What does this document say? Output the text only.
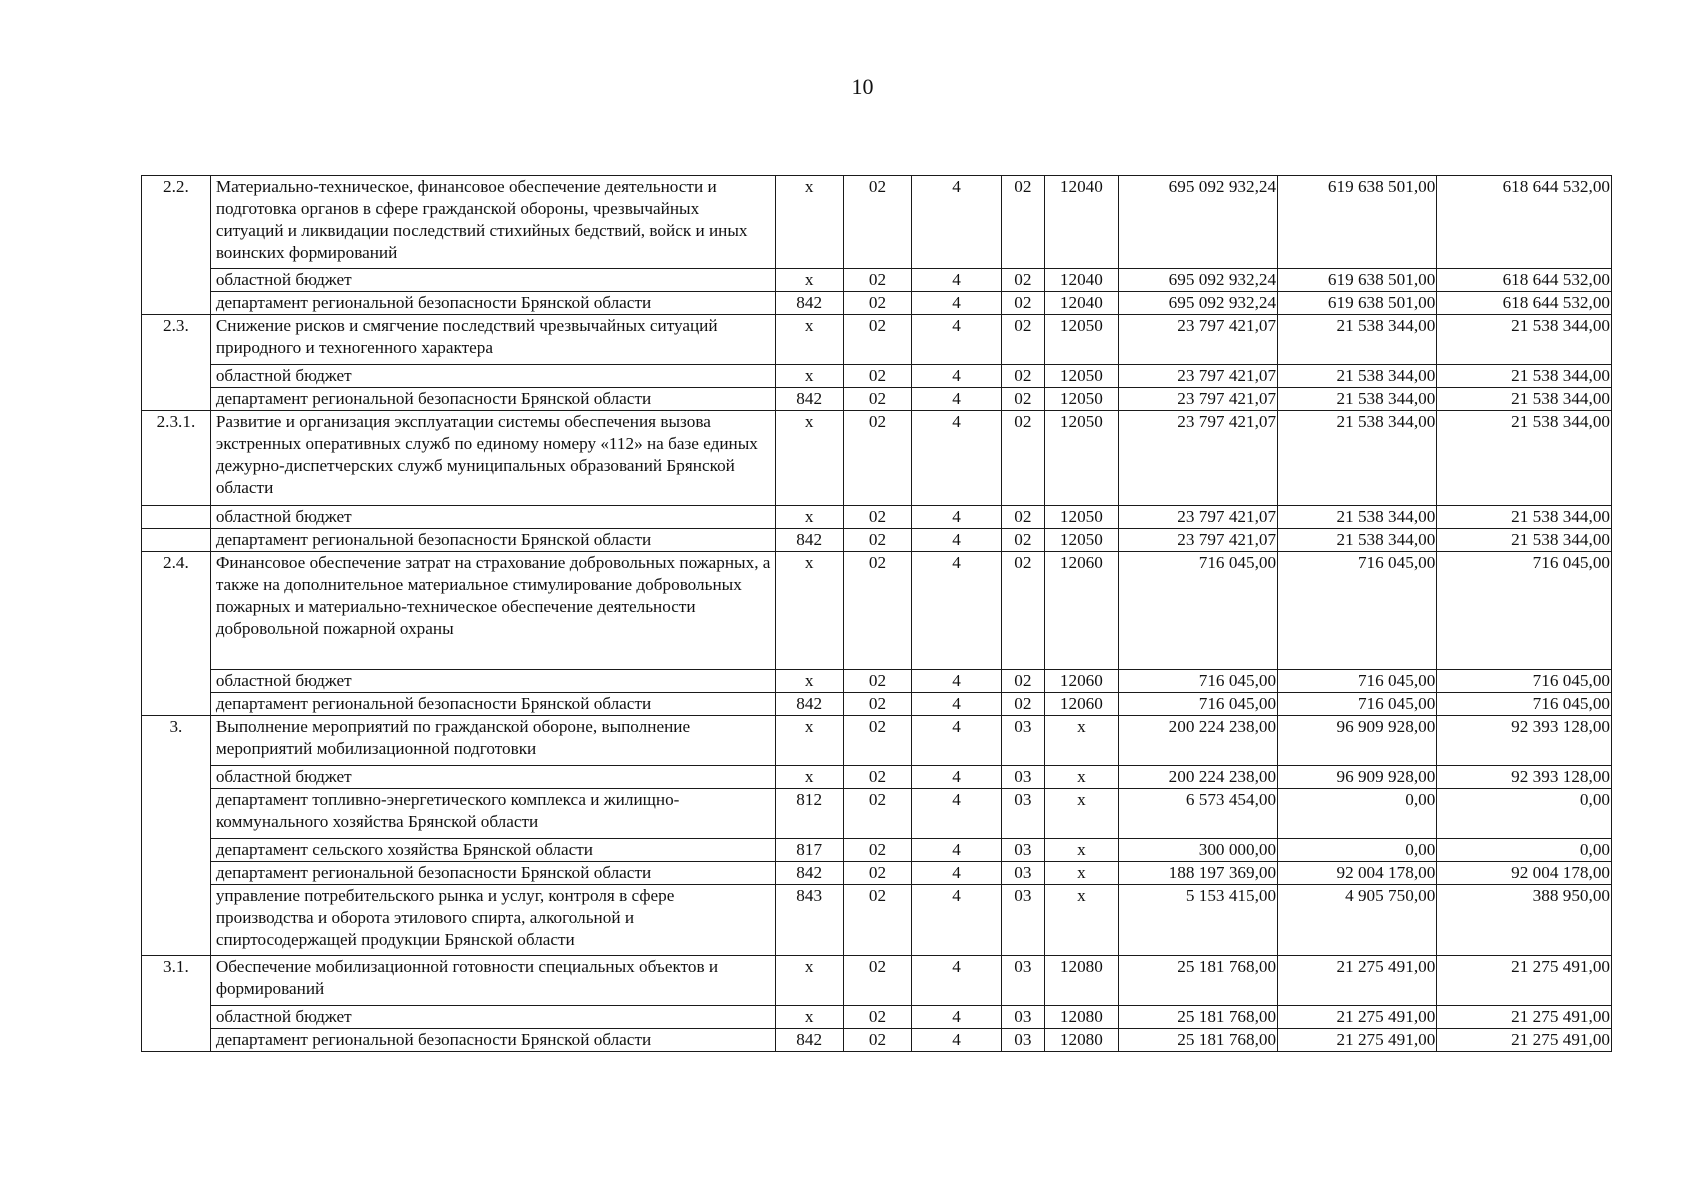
10
2.2.	Материально-техническое, финансовое обеспечение деятельности и подготовка органов в сфере гражданской обороны, чрезвычайных ситуаций и ликвидации последствий стихийных бедствий, войск и иных воинских формирований	х	02	4	02	12040	695 092 932,24	619 638 501,00	618 644 532,00
	областной бюджет	х	02	4	02	12040	695 092 932,24	619 638 501,00	618 644 532,00
	департамент региональной безопасности Брянской области	842	02	4	02	12040	695 092 932,24	619 638 501,00	618 644 532,00
2.3.	Снижение рисков и смягчение последствий чрезвычайных ситуаций природного и техногенного характера	х	02	4	02	12050	23 797 421,07	21 538 344,00	21 538 344,00
	областной бюджет	х	02	4	02	12050	23 797 421,07	21 538 344,00	21 538 344,00
	департамент региональной безопасности Брянской области	842	02	4	02	12050	23 797 421,07	21 538 344,00	21 538 344,00
2.3.1.	Развитие и организация эксплуатации системы обеспечения вызова экстренных оперативных служб по единому номеру «112» на базе единых дежурно-диспетчерских служб муниципальных образований Брянской области	х	02	4	02	12050	23 797 421,07	21 538 344,00	21 538 344,00
	областной бюджет	х	02	4	02	12050	23 797 421,07	21 538 344,00	21 538 344,00
	департамент региональной безопасности Брянской области	842	02	4	02	12050	23 797 421,07	21 538 344,00	21 538 344,00
2.4.	Финансовое обеспечение затрат на страхование добровольных пожарных, а также на дополнительное материальное стимулирование добровольных пожарных и материально-техническое обеспечение деятельности добровольной пожарной охраны	х	02	4	02	12060	716 045,00	716 045,00	716 045,00
	областной бюджет	х	02	4	02	12060	716 045,00	716 045,00	716 045,00
	департамент региональной безопасности Брянской области	842	02	4	02	12060	716 045,00	716 045,00	716 045,00
3.	Выполнение мероприятий по гражданской обороне, выполнение мероприятий мобилизационной подготовки	х	02	4	03	х	200 224 238,00	96 909 928,00	92 393 128,00
	областной бюджет	х	02	4	03	х	200 224 238,00	96 909 928,00	92 393 128,00
	департамент топливно-энергетического комплекса и жилищно-коммунального хозяйства Брянской области	812	02	4	03	х	6 573 454,00	0,00	0,00
	департамент сельского хозяйства Брянской области	817	02	4	03	х	300 000,00	0,00	0,00
	департамент региональной безопасности Брянской области	842	02	4	03	х	188 197 369,00	92 004 178,00	92 004 178,00
	управление потребительского рынка и услуг, контроля в сфере производства и оборота этилового спирта, алкогольной и спиртосодержащей продукции Брянской области	843	02	4	03	х	5 153 415,00	4 905 750,00	388 950,00
3.1.	Обеспечение мобилизационной готовности специальных объектов и формирований	х	02	4	03	12080	25 181 768,00	21 275 491,00	21 275 491,00
	областной бюджет	х	02	4	03	12080	25 181 768,00	21 275 491,00	21 275 491,00
	департамент региональной безопасности Брянской области	842	02	4	03	12080	25 181 768,00	21 275 491,00	21 275 491,00
